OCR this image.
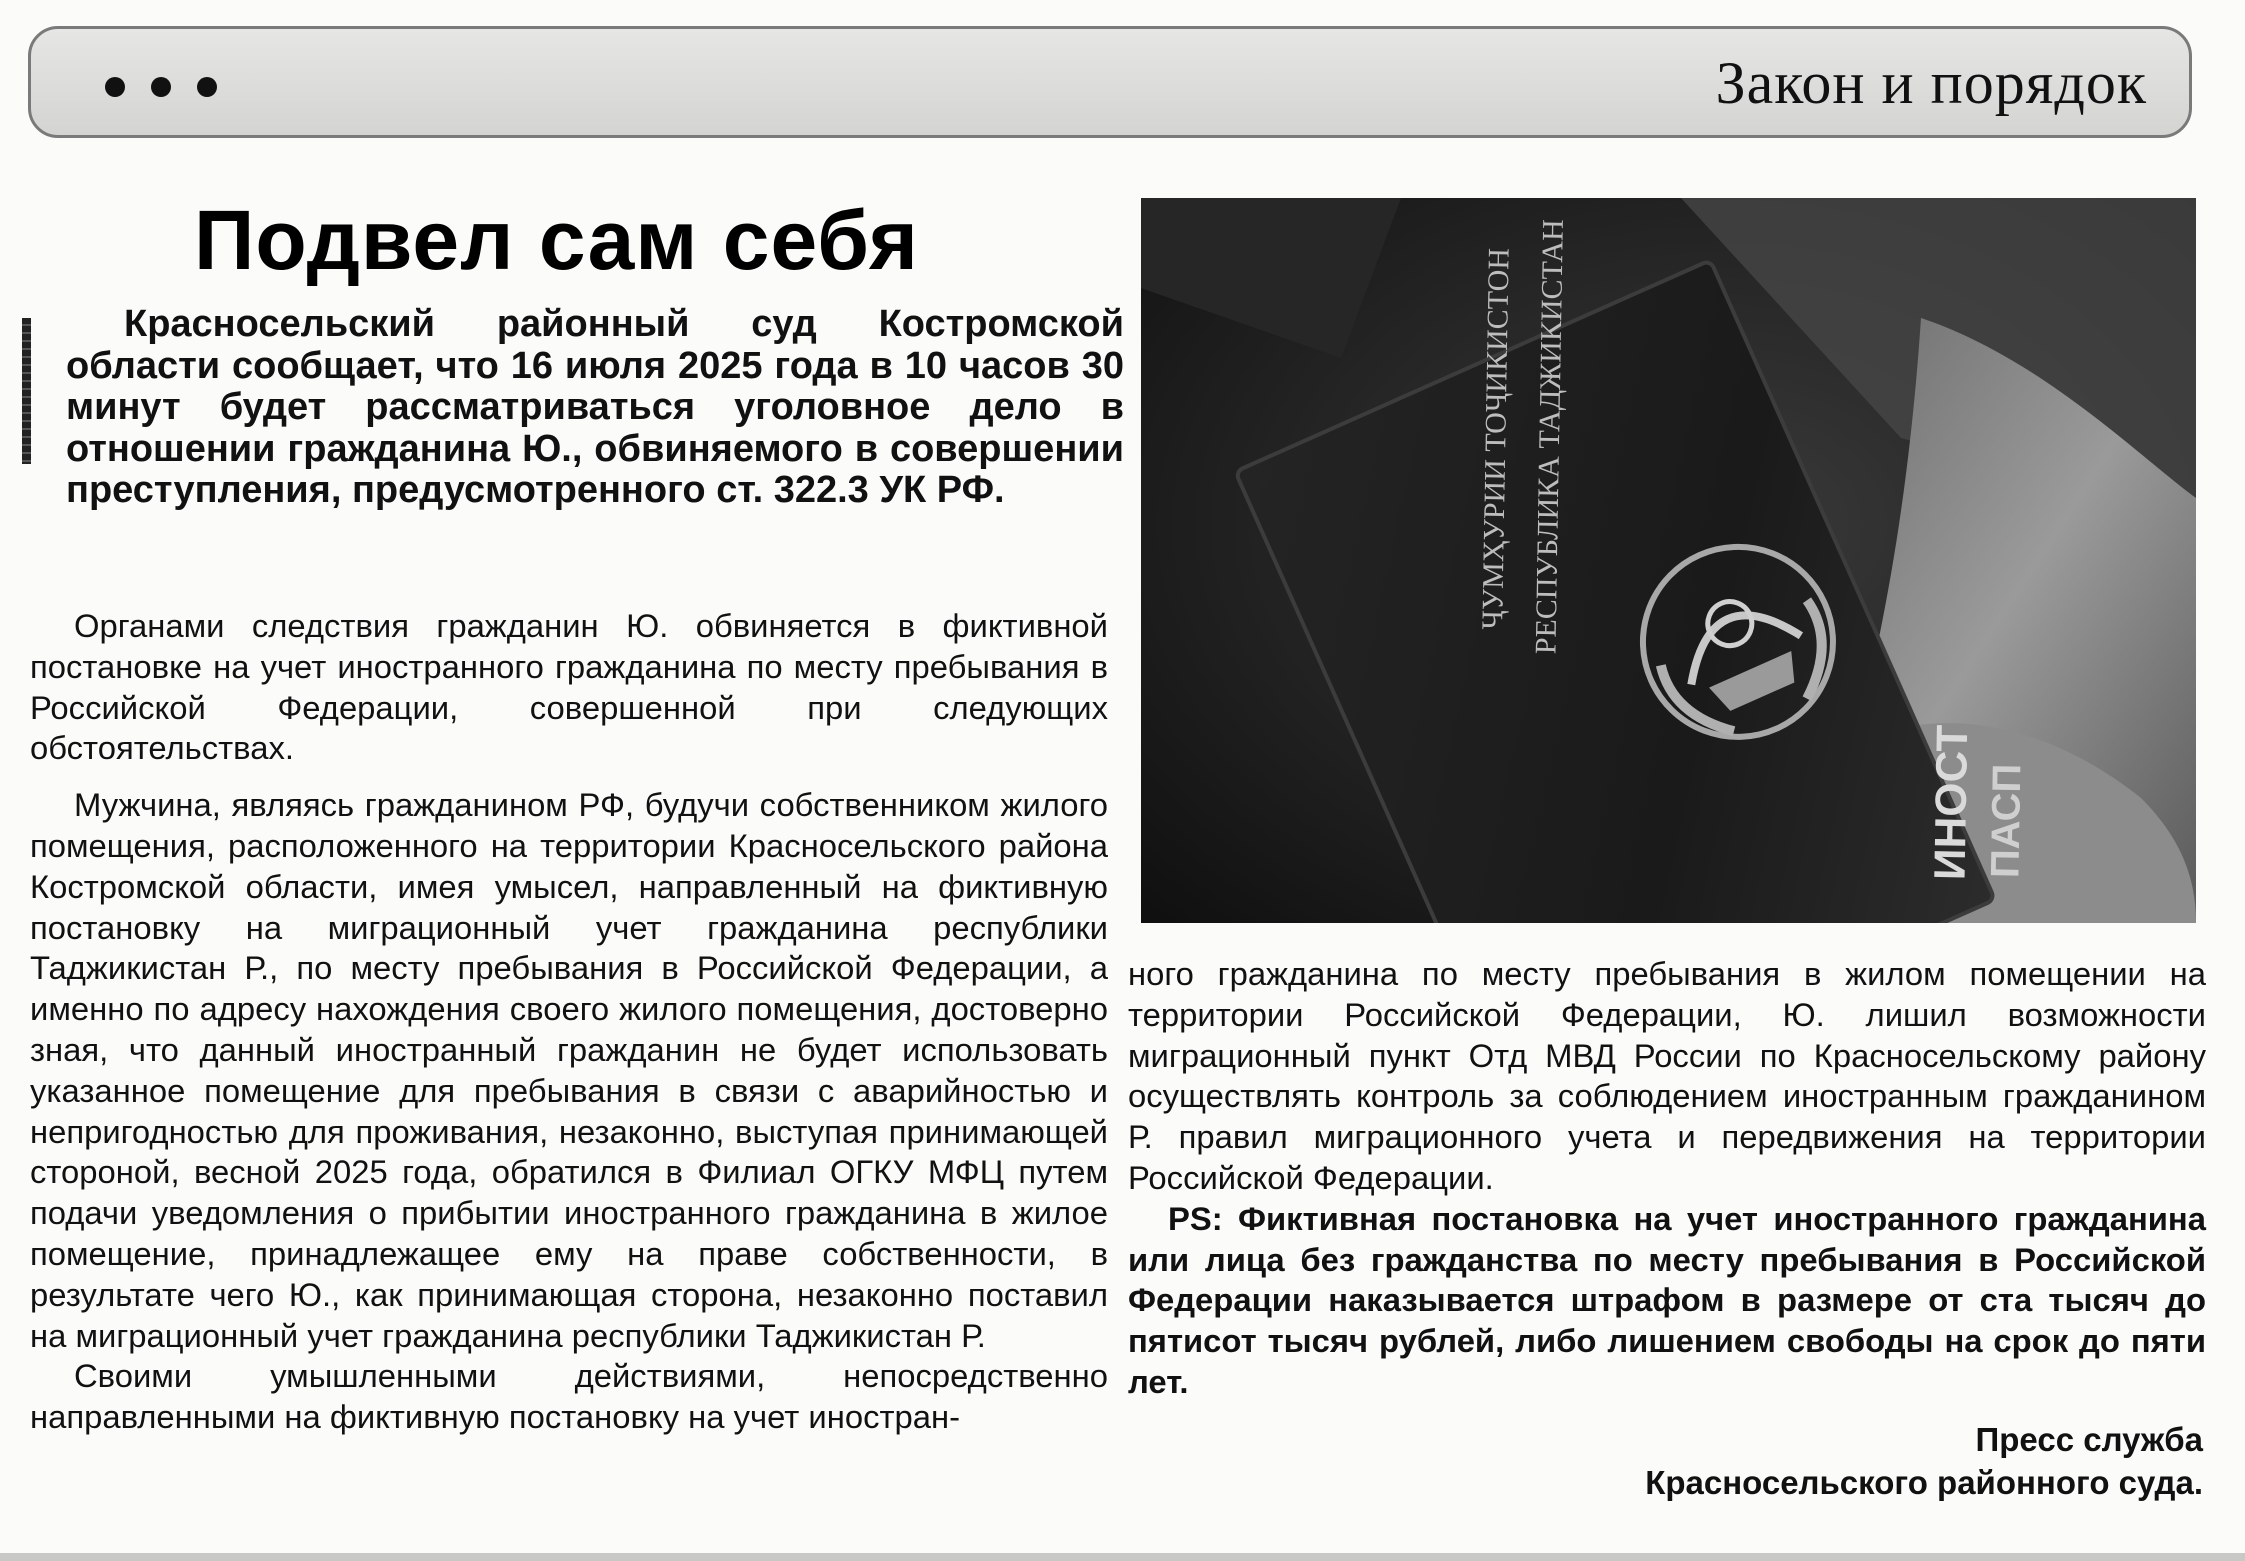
Закон и порядок
Подвел сам себя

Красносельский районный суд Костромской области сообщает, что 16 июля 2025 года в 10 часов 30 минут будет рассматриваться уголовное дело в отношении гражданина Ю., обвиняемого в совершении преступления, предусмотренного ст. 322.3 УК РФ.

Органами следствия гражданин Ю. обвиняется в фиктивной постановке на учет иностранного гражданина по месту пребывания в Российской Федерации, совершенной при следующих обстоятельствах.

Мужчина, являясь гражданином РФ, будучи собственником жилого помещения, расположенного на территории Красносельского района Костромской области, имея умысел, направленный на фиктивную постановку на миграционный учет гражданина республики Таджикистан Р., по месту пребывания в Российской Федерации, а именно по адресу нахождения своего жилого помещения, достоверно зная, что данный иностранный гражданин не будет использовать указанное помещение для пребывания в связи с аварийностью и непригодностью для проживания, незаконно, выступая принимающей стороной, весной 2025 года, обратился в Филиал ОГКУ МФЦ путем подачи уведомления о прибытии иностранного гражданина в жилое помещение, принадлежащее ему на праве собственности, в результате чего Ю., как принимающая сторона, незаконно поставил на миграционный учет гражданина республики Таджикистан Р.

Своими умышленными действиями, непосредственно направленными на фиктивную постановку на учет иностран-

ҶУМҲУРИИ ТОҶИКИСТОН РЕСПУБЛИКА ТАДЖИКИСТАН
ИНОСТ ПАСП

ного гражданина по месту пребывания в жилом помещении на территории Российской Федерации, Ю. лишил возможности миграционный пункт Отд МВД России по Красносельскому району осуществлять контроль за соблюдением иностранным гражданином Р. правил миграционного учета и передвижения на территории Российской Федерации.

PS: Фиктивная постановка на учет иностранного гражданина или лица без гражданства по месту пребывания в Российской Федерации наказывается штрафом в размере от ста тысяч до пятисот тысяч рублей, либо лишением свободы на срок до пяти лет.

Пресс служба
Красносельского районного суда.
